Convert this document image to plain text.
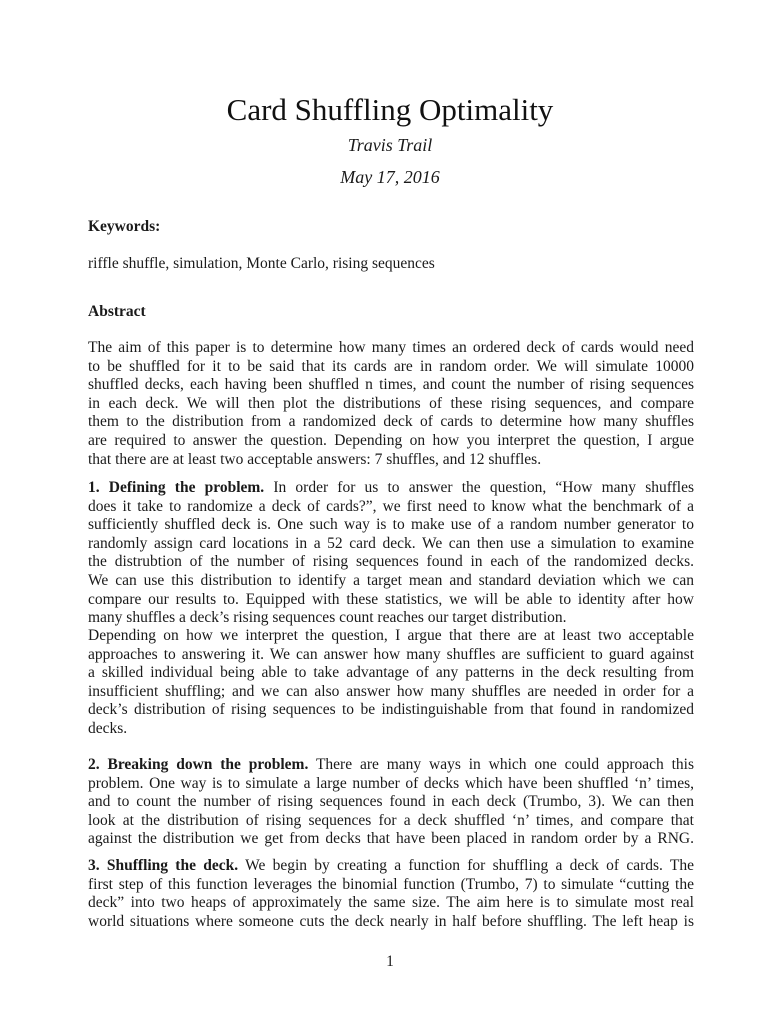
Card Shuffling Optimality
Travis Trail
May 17, 2016
Keywords:
riffle shuffle, simulation, Monte Carlo, rising sequences
Abstract
The aim of this paper is to determine how many times an ordered deck of cards would need
to be shuffled for it to be said that its cards are in random order. We will simulate 10000
shuffled decks, each having been shuffled n times, and count the number of rising sequences
in each deck. We will then plot the distributions of these rising sequences, and compare
them to the distribution from a randomized deck of cards to determine how many shuffles
are required to answer the question. Depending on how you interpret the question, I argue
that there are at least two acceptable answers: 7 shuffles, and 12 shuffles.
1. Defining the problem. In order for us to answer the question, “How many shuffles
does it take to randomize a deck of cards?”, we first need to know what the benchmark of a
sufficiently shuffled deck is. One such way is to make use of a random number generator to
randomly assign card locations in a 52 card deck. We can then use a simulation to examine
the distrubtion of the number of rising sequences found in each of the randomized decks.
We can use this distribution to identify a target mean and standard deviation which we can
compare our results to. Equipped with these statistics, we will be able to identity after how
many shuffles a deck’s rising sequences count reaches our target distribution.
Depending on how we interpret the question, I argue that there are at least two acceptable
approaches to answering it. We can answer how many shuffles are sufficient to guard against
a skilled individual being able to take advantage of any patterns in the deck resulting from
insufficient shuffling; and we can also answer how many shuffles are needed in order for a
deck’s distribution of rising sequences to be indistinguishable from that found in randomized
decks.
2. Breaking down the problem. There are many ways in which one could approach this
problem. One way is to simulate a large number of decks which have been shuffled ‘n’ times,
and to count the number of rising sequences found in each deck (Trumbo, 3). We can then
look at the distribution of rising sequences for a deck shuffled ‘n’ times, and compare that
against the distribution we get from decks that have been placed in random order by a RNG.
3. Shuffling the deck. We begin by creating a function for shuffling a deck of cards. The
first step of this function leverages the binomial function (Trumbo, 7) to simulate “cutting the
deck” into two heaps of approximately the same size. The aim here is to simulate most real
world situations where someone cuts the deck nearly in half before shuffling. The left heap is
1
